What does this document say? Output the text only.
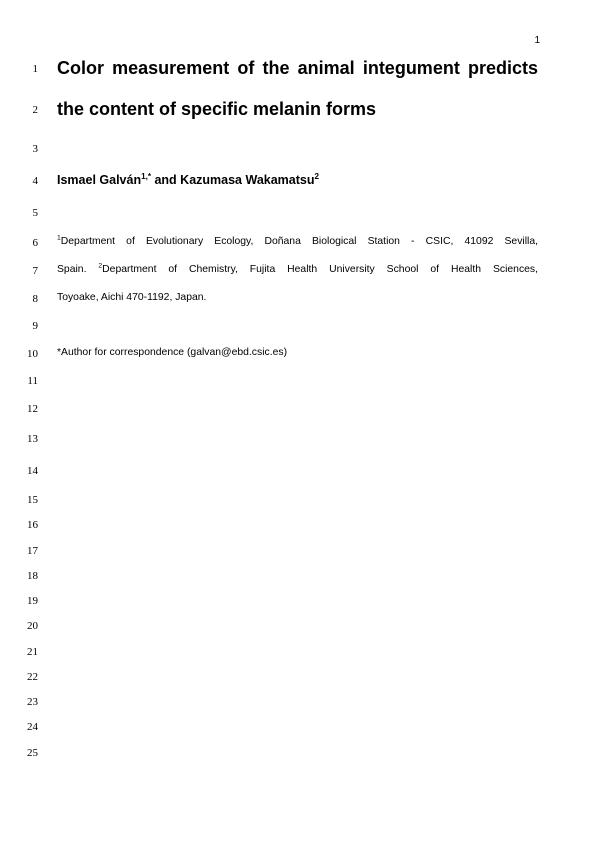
1
1
2
3
4
5
6
7
8
9
10
11
12
13
14
15
16
17
18
19
20
21
22
23
24
25
Color measurement of the animal integument predicts
the content of specific melanin forms
Ismael Galván$^{1,*}$ and Kazumasa Wakamatsu$^2$
$^1$Department of Evolutionary Ecology, Doñana Biological Station - CSIC, 41092 Sevilla,
Spain. $^2$Department of Chemistry, Fujita Health University School of Health Sciences,
Toyoake, Aichi 470-1192, Japan.
*Author for correspondence (galvan@ebd.csic.es)
